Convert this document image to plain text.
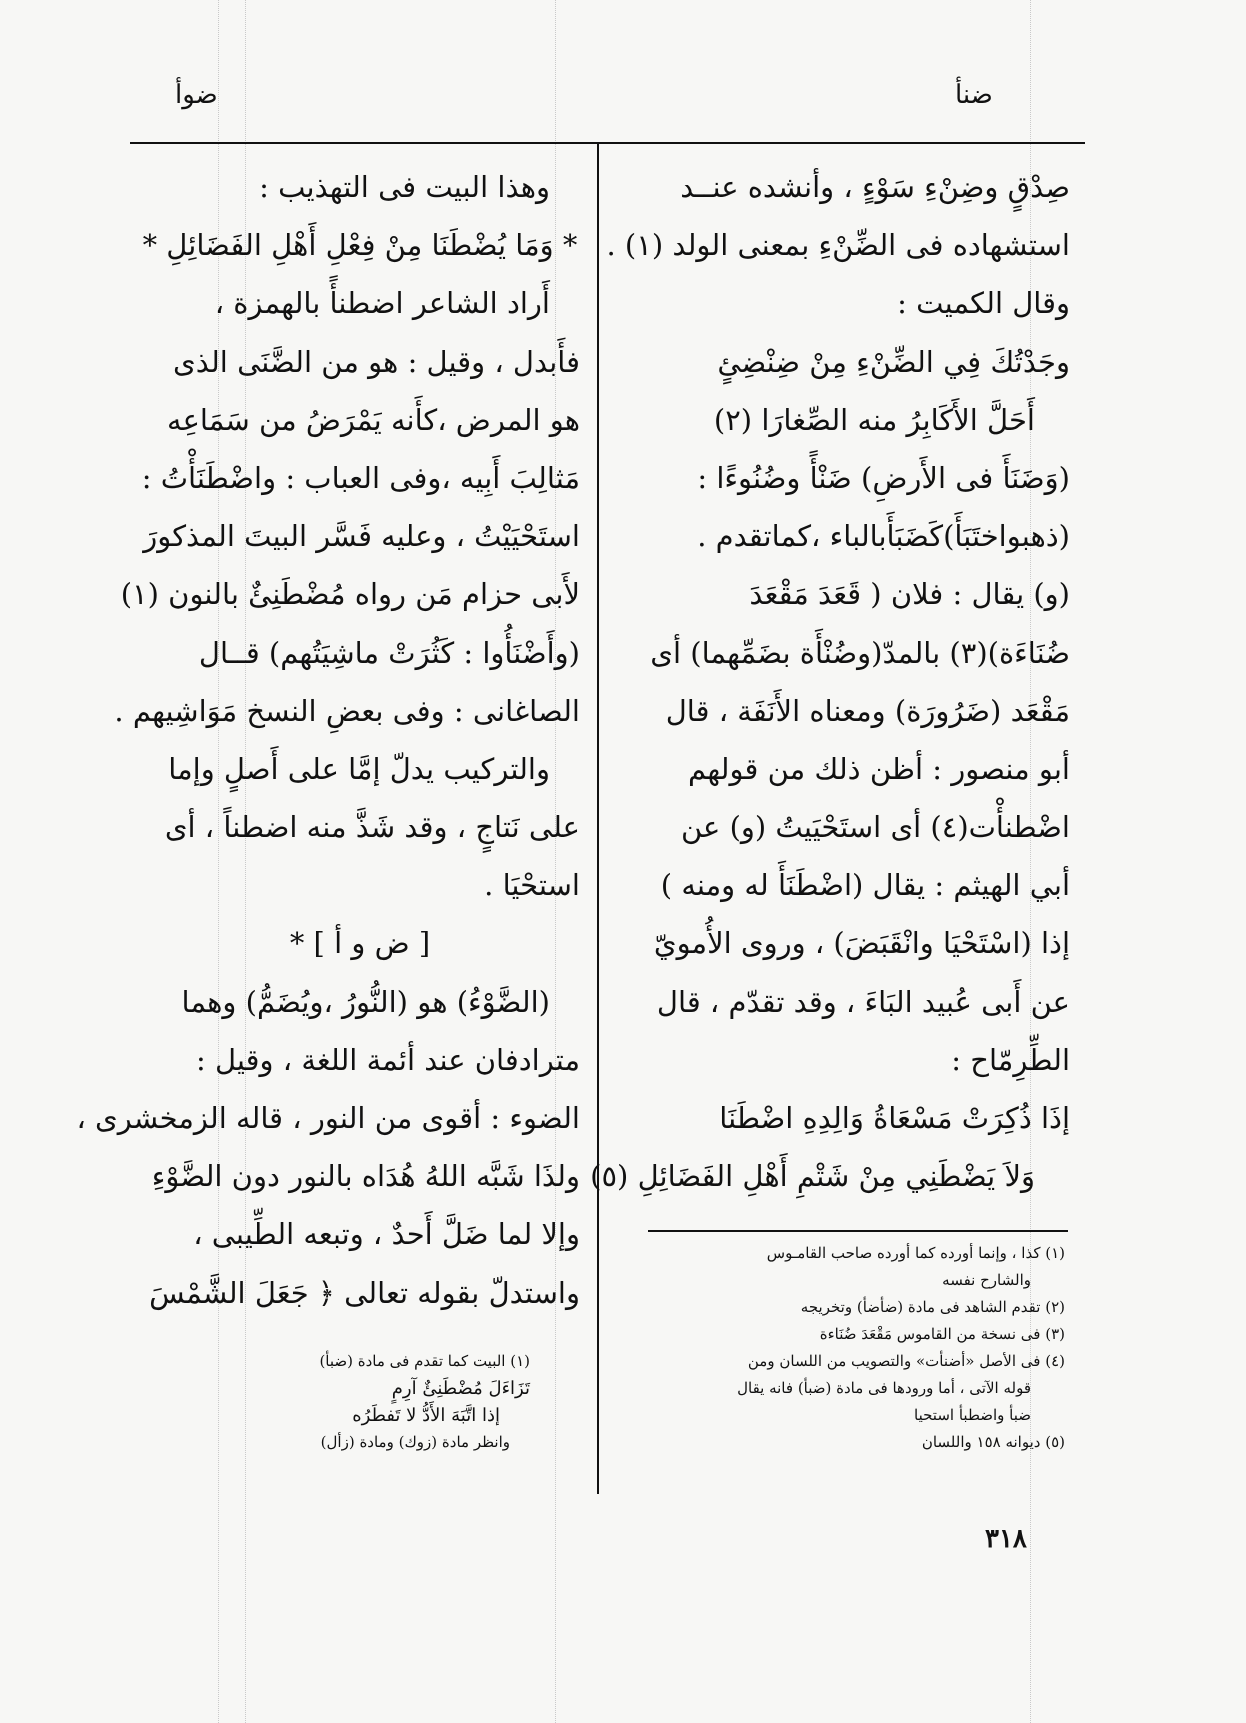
ضنأ
ضوأ
صِدْقٍ وضِنْءِ سَوْءٍ ، وأنشده عنــد
استشهاده فى الضِّنْءِ بمعنى الولد (١) .
وقال الكميت :
وجَدْتُكَ فِي الضِّنْءِ مِنْ ضِنْضِئٍ
أَحَلَّ الأَكَابِرُ منه الصِّغارَا (٢)
(وَضَنَأَ فى الأَرضِ) ضَنْأً وضُنُوءًا :
(ذهبواختَبَأَ)كَضَبَأَبالباء ،كماتقدم .
(و) يقال : فلان ( قَعَدَ مَقْعَدَ
ضُنَاءَة)(٣) بالمدّ(وضُنْأَة بضَمِّهما) أى
مَقْعَد (ضَرُورَة) ومعناه الأَنَفَة ، قال
أبو منصور : أظن ذلك من قولهم
اضْطنأْت(٤) أى استَحْيَيتُ (و) عن
أبي الهيثم : يقال (اضْطَنَأَ له ومنه )
إذا (اسْتَحْيَا وانْقَبَضَ) ، وروى الأُمويّ
عن أَبى عُبيد البَاءَ ، وقد تقدّم ، قال
الطِّرِمّاح :
إذَا ذُكِرَتْ مَسْعَاةُ وَالِدِهِ اضْطَنَا
وَلاَ يَضْطَنِي مِنْ شَتْمِ أَهْلِ الفَضَائِلِ (٥)
(١) كذا ، وإنما أورده كما أورده صاحب القامـوس
والشارح نفسه
(٢) تقدم الشاهد فى مادة (ضأضأ) وتخريجه
(٣) فى نسخة من القاموس مَقْعَدَ ضُنَاءة
(٤) فى الأصل «أضنأت» والتصويب من اللسان ومن
قوله الآتى ، أما ورودها فى مادة (ضبأ) فانه يقال
ضبأ واضطبأ استحيا
(٥) ديوانه ١٥٨ واللسان
وهذا البيت فى التهذيب :
* وَمَا يُضْطَنَا مِنْ فِعْلِ أَهْلِ الفَضَائِلِ *
أَراد الشاعر اضطنأً بالهمزة ،
فأَبدل ، وقيل : هو من الضَّنَى الذى
هو المرض ،كأَنه يَمْرَضُ من سَمَاعِه
مَثالِبَ أَبِيه ،وفى العباب : واضْطَنَأْتُ :
استَحْيَيْتُ ، وعليه فَسَّر البيتَ المذكورَ
لأَبى حزام مَن رواه مُضْطَنِئٌ بالنون (١)
(وأَضْنَأُوا : كَثُرَتْ ماشِيَتُهم) قــال
الصاغانى : وفى بعضِ النسخ مَوَاشِيهم .
والتركيب يدلّ إمَّا على أَصلٍ وإما
على نَتاجٍ ، وقد شَذَّ منه اضطناً ، أى
استحْيَا .
[ ض و أ ] *
(الضَّوْءُ) هو (النُّورُ ،ويُضَمُّ) وهما
مترادفان عند أئمة اللغة ، وقيل :
الضوء : أقوى من النور ، قاله الزمخشرى ،
ولذَا شَبَّه اللهُ هُدَاه بالنور دون الضَّوْءِ
وإلا لما ضَلَّ أَحدٌ ، وتبعه الطِّيبى ،
واستدلّ بقوله تعالى ﴿ جَعَلَ الشَّمْسَ
(١) البيت كما تقدم فى مادة (ضبأ)
تَزَاءَلَ مُضْطَنِئٌ آرِمٍ
إذا اتَّبَهَ الأَدُّ لا تَفطَرُه
وانظر مادة (زوك) ومادة (زأل)
٣١٨
